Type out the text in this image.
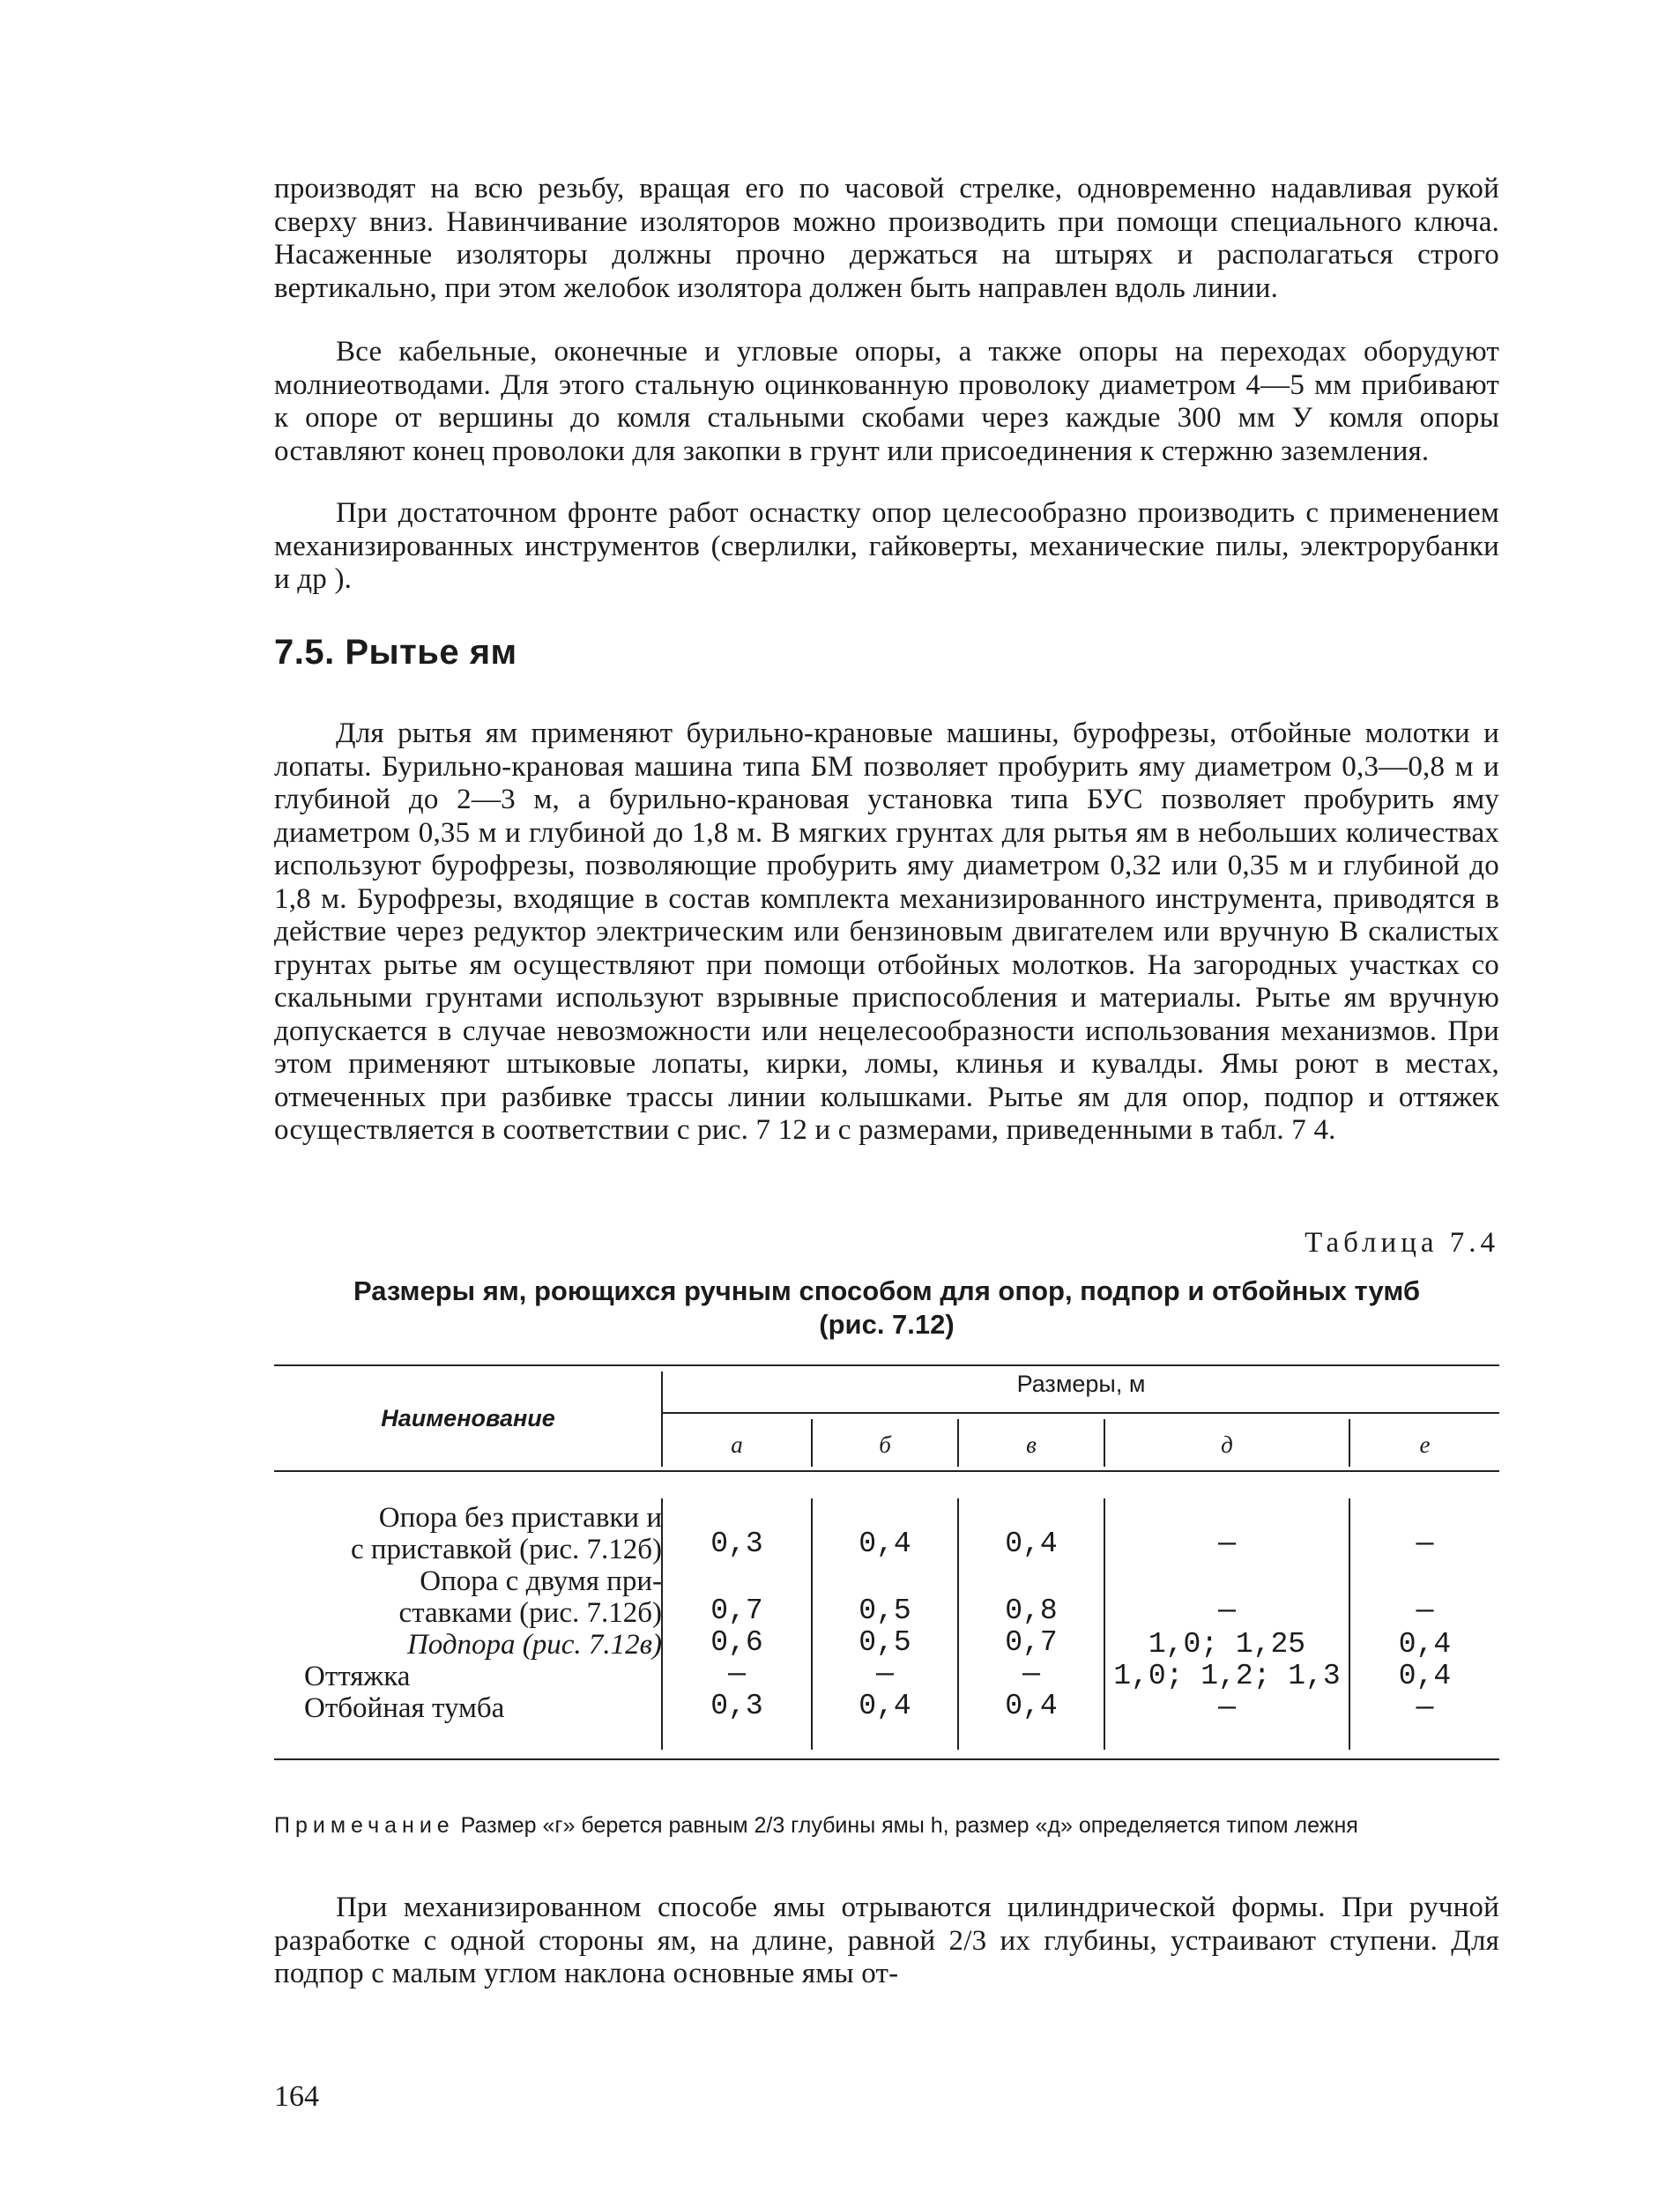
производят на всю резьбу, вращая его по часовой стрелке, одновременно надавливая рукой сверху вниз. Навинчивание изоляторов можно производить при помощи специального ключа. Насаженные изоляторы должны прочно держаться на штырях и располагаться строго вертикально, при этом желобок изолятора должен быть направлен вдоль линии.

Все кабельные, оконечные и угловые опоры, а также опоры на переходах оборудуют молниеотводами. Для этого стальную оцинкованную проволоку диаметром 4—5 мм прибивают к опоре от вершины до комля стальными скобами через каждые 300 мм У комля опоры оставляют конец проволоки для закопки в грунт или присоединения к стержню заземления.

При достаточном фронте работ оснастку опор целесообразно производить с применением механизированных инструментов (сверлилки, гайковерты, механические пилы, электрорубанки и др ).

7.5. Рытье ям

Для рытья ям применяют бурильно-крановые машины, бурофрезы, отбойные молотки и лопаты. Бурильно-крановая машина типа БМ позволяет пробурить яму диаметром 0,3—0,8 м и глубиной до 2—3 м, а бурильно-крановая установка типа БУС позволяет пробурить яму диаметром 0,35 м и глубиной до 1,8 м. В мягких грунтах для рытья ям в небольших количествах используют бурофрезы, позволяющие пробурить яму диаметром 0,32 или 0,35 м и глубиной до 1,8 м. Бурофрезы, входящие в состав комплекта механизированного инструмента, приводятся в действие через редуктор электрическим или бензиновым двигателем или вручную В скалистых грунтах рытье ям осуществляют при помощи отбойных молотков. На загородных участках со скальными грунтами используют взрывные приспособления и материалы. Рытье ям вручную допускается в случае невозможности или нецелесообразности использования механизмов. При этом применяют штыковые лопаты, кирки, ломы, клинья и кувалды. Ямы роют в местах, отмеченных при разбивке трассы линии колышками. Рытье ям для опор, подпор и оттяжек осуществляется в соответствии с рис. 7 12 и с размерами, приведенными в табл. 7 4.

Таблица 7.4

Размеры ям, роющихся ручным способом для опор, подпор и отбойных тумб
(рис. 7.12)

Наименование

Размеры, м

а	б	в	д	е

Опора без приставки и
с приставкой (рис. 7.12б)	0,3	0,4	0,4	—	—

Опора с двумя при-
ставками (рис. 7.12б)	0,7	0,5	0,8	—	—

Подпора (рис. 7.12в)	0,6	0,5	0,7	1,0; 1,25	0,4

Оттяжка	—	—	—	1,0; 1,2; 1,3	0,4

Отбойная тумба	0,3	0,4	0,4	—	—

Примечание Размер «г» берется равным 2/3 глубины ямы h, размер «д» определяется типом лежня

При механизированном способе ямы отрываются цилиндрической формы. При ручной разработке с одной стороны ям, на длине, равной 2/3 их глубины, устраивают ступени. Для подпор с малым углом наклона основные ямы от-

164
